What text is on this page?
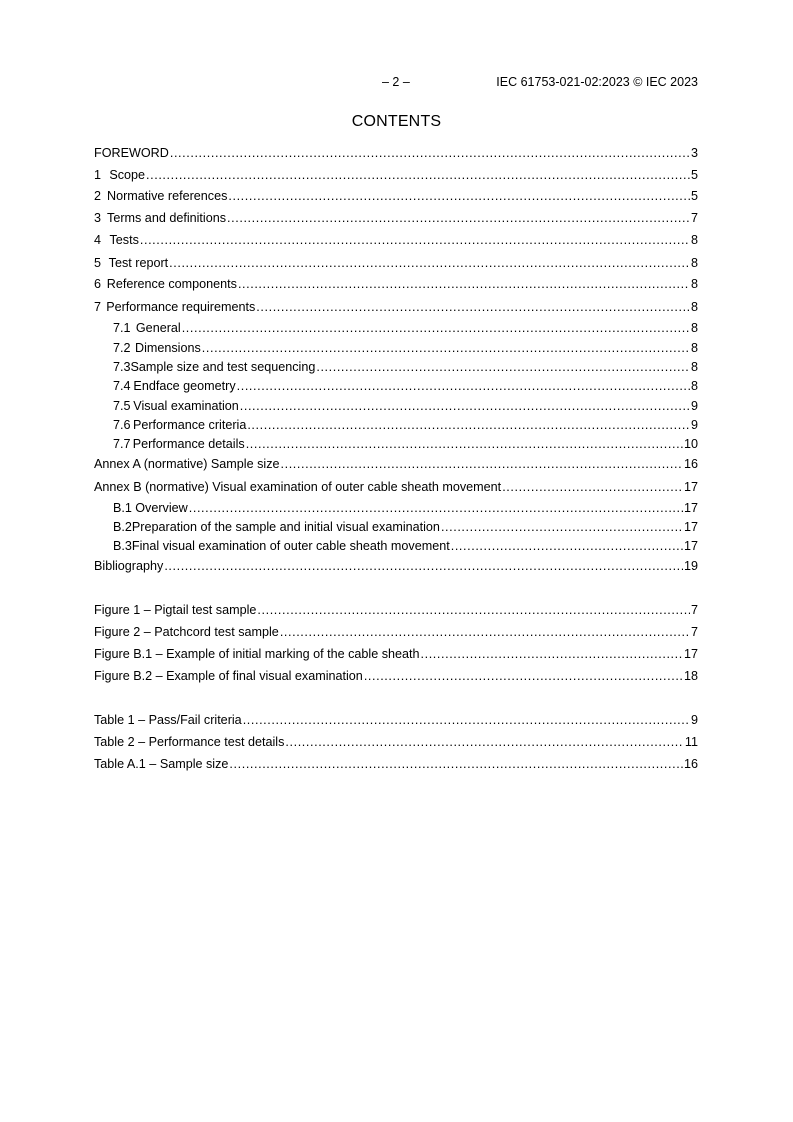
– 2 –	IEC 61753-021-02:2023 © IEC 2023
CONTENTS
FOREWORD .....	3
1 Scope .....	5
2 Normative references .....	5
3 Terms and definitions .....	7
4 Tests .....	8
5 Test report .....	8
6 Reference components .....	8
7 Performance requirements .....	8
7.1 General .....	8
7.2 Dimensions .....	8
7.3 Sample size and test sequencing .....	8
7.4 Endface geometry .....	8
7.5 Visual examination .....	9
7.6 Performance criteria .....	9
7.7 Performance details .....	10
Annex A (normative) Sample size .....	16
Annex B (normative) Visual examination of outer cable sheath movement .....	17
B.1 Overview .....	17
B.2 Preparation of the sample and initial visual examination .....	17
B.3 Final visual examination of outer cable sheath movement .....	17
Bibliography .....	19
Figure 1 – Pigtail test sample .....	7
Figure 2 – Patchcord test sample .....	7
Figure B.1 – Example of initial marking of the cable sheath .....	17
Figure B.2 – Example of final visual examination .....	18
Table 1 – Pass/Fail criteria .....	9
Table 2 – Performance test details .....	11
Table A.1 – Sample size .....	16
